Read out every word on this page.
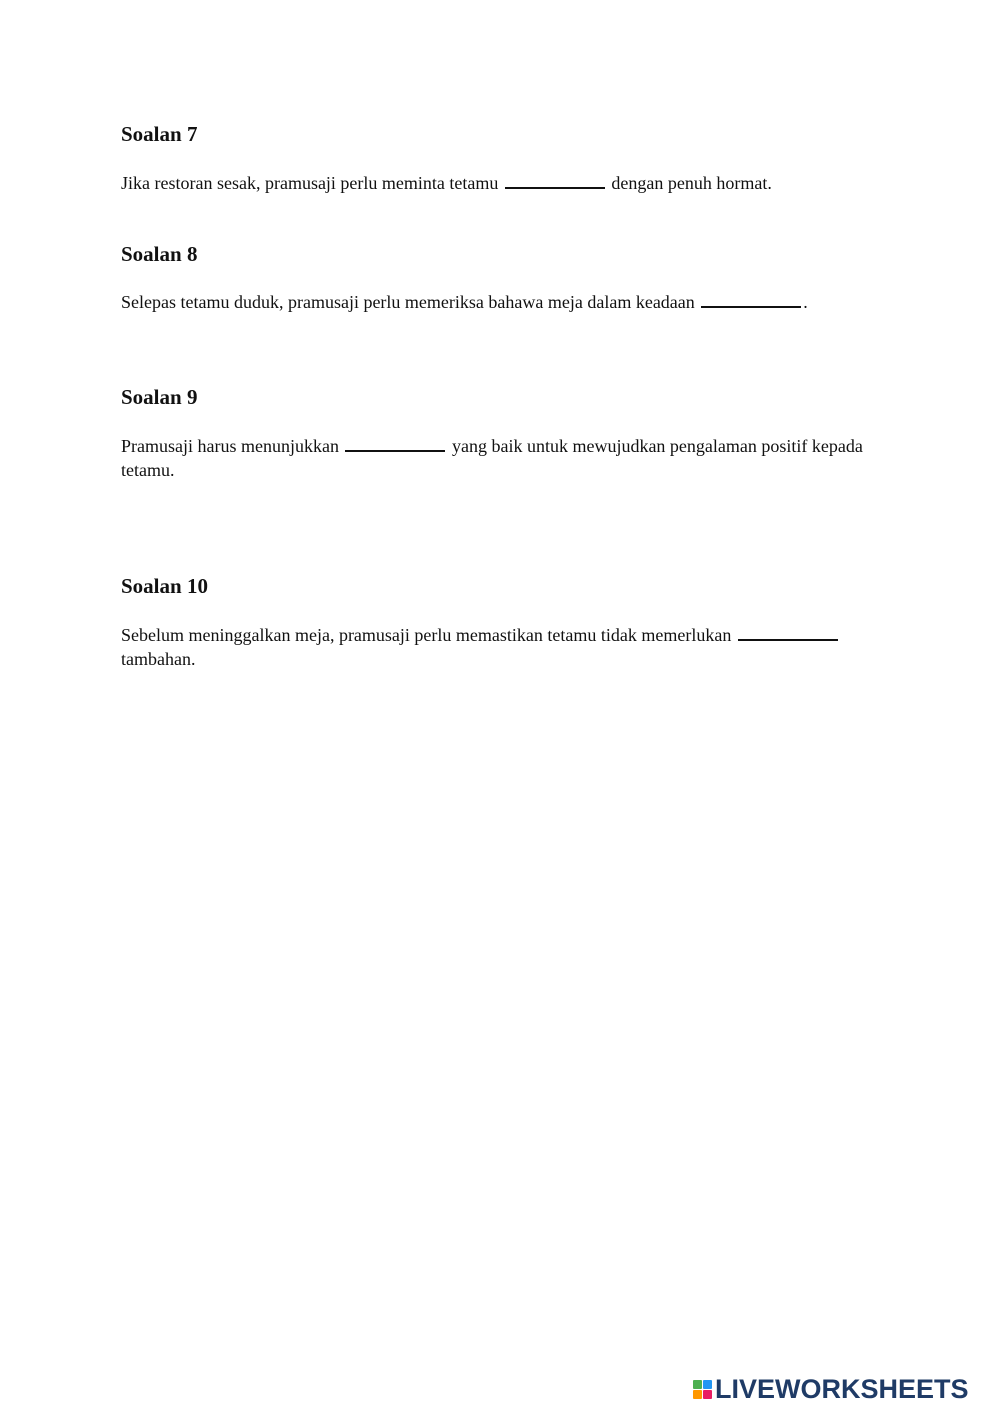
Soalan 7

Jika restoran sesak, pramusaji perlu meminta tetamu	dengan penuh hormat.

Soalan 8

Selepas tetamu duduk, pramusaji perlu memeriksa bahawa meja dalam keadaan	.

Soalan 9

Pramusaji harus menunjukkan	yang baik untuk mewujudkan pengalaman positif kepada tetamu.

Soalan 10

Sebelum meninggalkan meja, pramusaji perlu memastikan tetamu tidak memerlukan  tambahan.

LIVEWORKSHEETS
